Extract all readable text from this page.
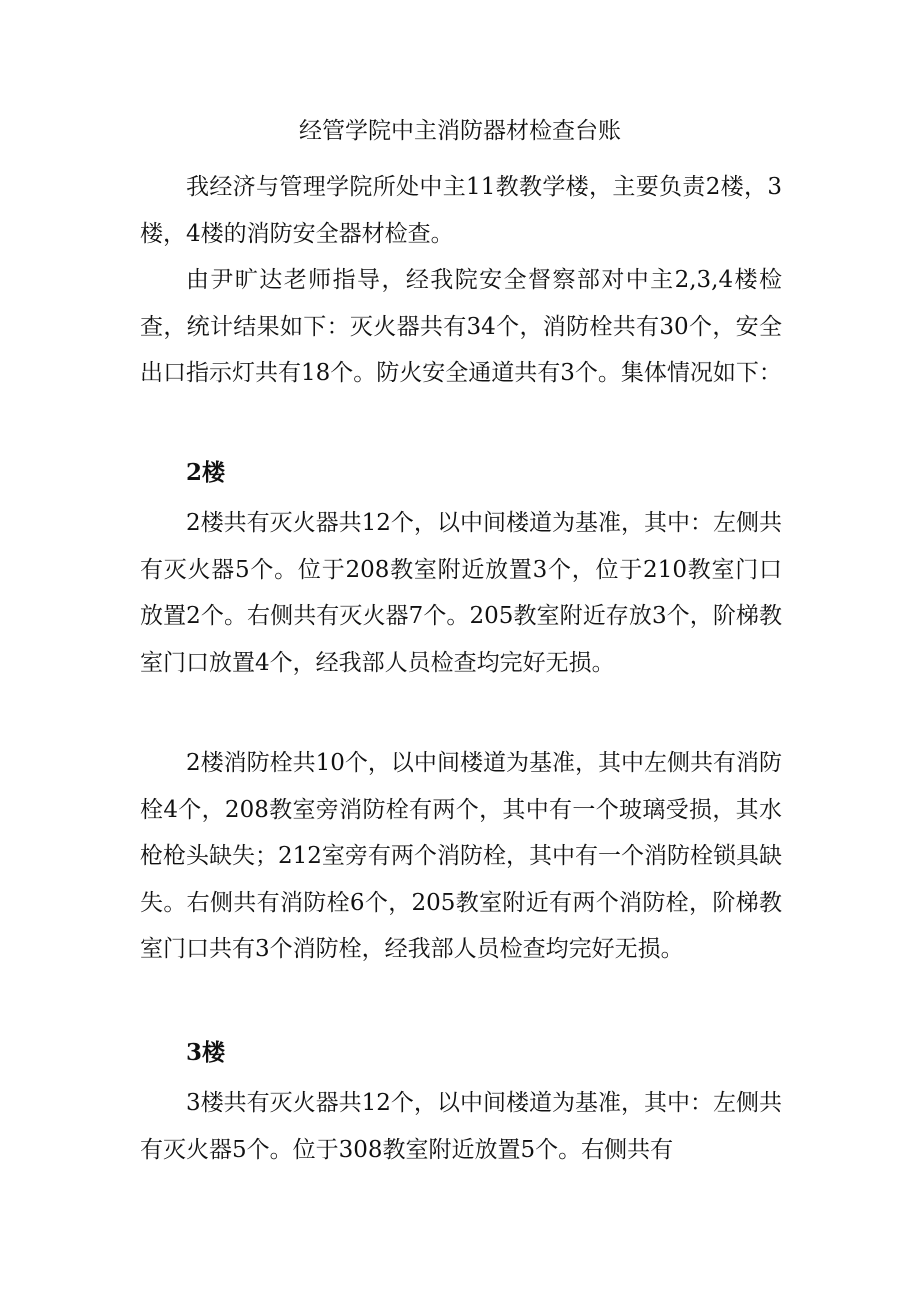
经管学院中主消防器材检查台账

我经济与管理学院所处中主11教教学楼，主要负责2楼，3楼，4楼的消防安全器材检查。

由尹旷达老师指导，经我院安全督察部对中主2,3,4楼检查，统计结果如下：灭火器共有34个，消防栓共有30个，安全出口指示灯共有18个。防火安全通道共有3个。集体情况如下：

2楼

2楼共有灭火器共12个，以中间楼道为基准，其中：左侧共有灭火器5个。位于208教室附近放置3个，位于210教室门口放置2个。右侧共有灭火器7个。205教室附近存放3个，阶梯教室门口放置4个，经我部人员检查均完好无损。

2楼消防栓共10个，以中间楼道为基准，其中左侧共有消防栓4个，208教室旁消防栓有两个，其中有一个玻璃受损，其水枪枪头缺失；212室旁有两个消防栓，其中有一个消防栓锁具缺失。右侧共有消防栓6个，205教室附近有两个消防栓，阶梯教室门口共有3个消防栓，经我部人员检查均完好无损。

3楼

3楼共有灭火器共12个，以中间楼道为基准，其中：左侧共有灭火器5个。位于308教室附近放置5个。右侧共有
